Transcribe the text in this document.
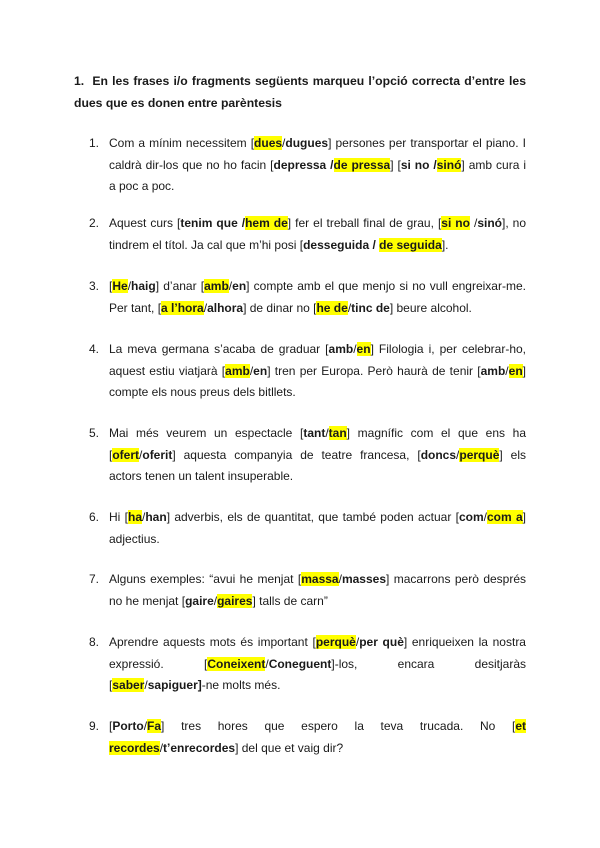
1. En les frases i/o fragments següents marqueu l’opció correcta d’entre les dues que es donen entre parèntesis
1. Com a mínim necessitem [dues/dugues] persones per transportar el piano. I
caldrà dir-los que no ho facin [depressa /de pressa] [si no /sinó] amb cura i
a poc a poc.
2. Aquest curs [tenim que /hem de] fer el treball final de grau, [si no /sinó], no
tindrem el títol. Ja cal que m’hi posi [desseguida / de seguida].
3. [He/haig] d’anar [amb/en] compte amb el que menjo si no vull engreixar-me.
Per tant, [a l’hora/alhora] de dinar no [he de/tinc de] beure alcohol.
4. La meva germana s’acaba de graduar [amb/en] Filologia i, per celebrar-ho,
aquest estiu viatjarà [amb/en] tren per Europa. Però haurà de tenir [amb/en]
compte els nous preus dels bitllets.
5. Mai més veurem un espectacle [tant/tan] magnífic com el que ens ha
[ofert/oferit] aquesta companyia de teatre francesa, [doncs/perquè] els
actors tenen un talent insuperable.
6. Hi [ha/han] adverbis, els de quantitat, que també poden actuar [com/com a]
adjectius.
7. Alguns exemples: “avui he menjat [massa/masses] macarrons però després
no he menjat [gaire/gaires] talls de carn”
8. Aprendre aquests mots és important [perquè/per què] enriqueixen la nostra
expressió. [Coneixent/Coneguent]-los, encara desitjaràs
[saber/sapiguer]-ne molts més.
9. [Porto/Fa] tres hores que espero la teva trucada. No [et
recordes/t’enrecordes] del que et vaig dir?
